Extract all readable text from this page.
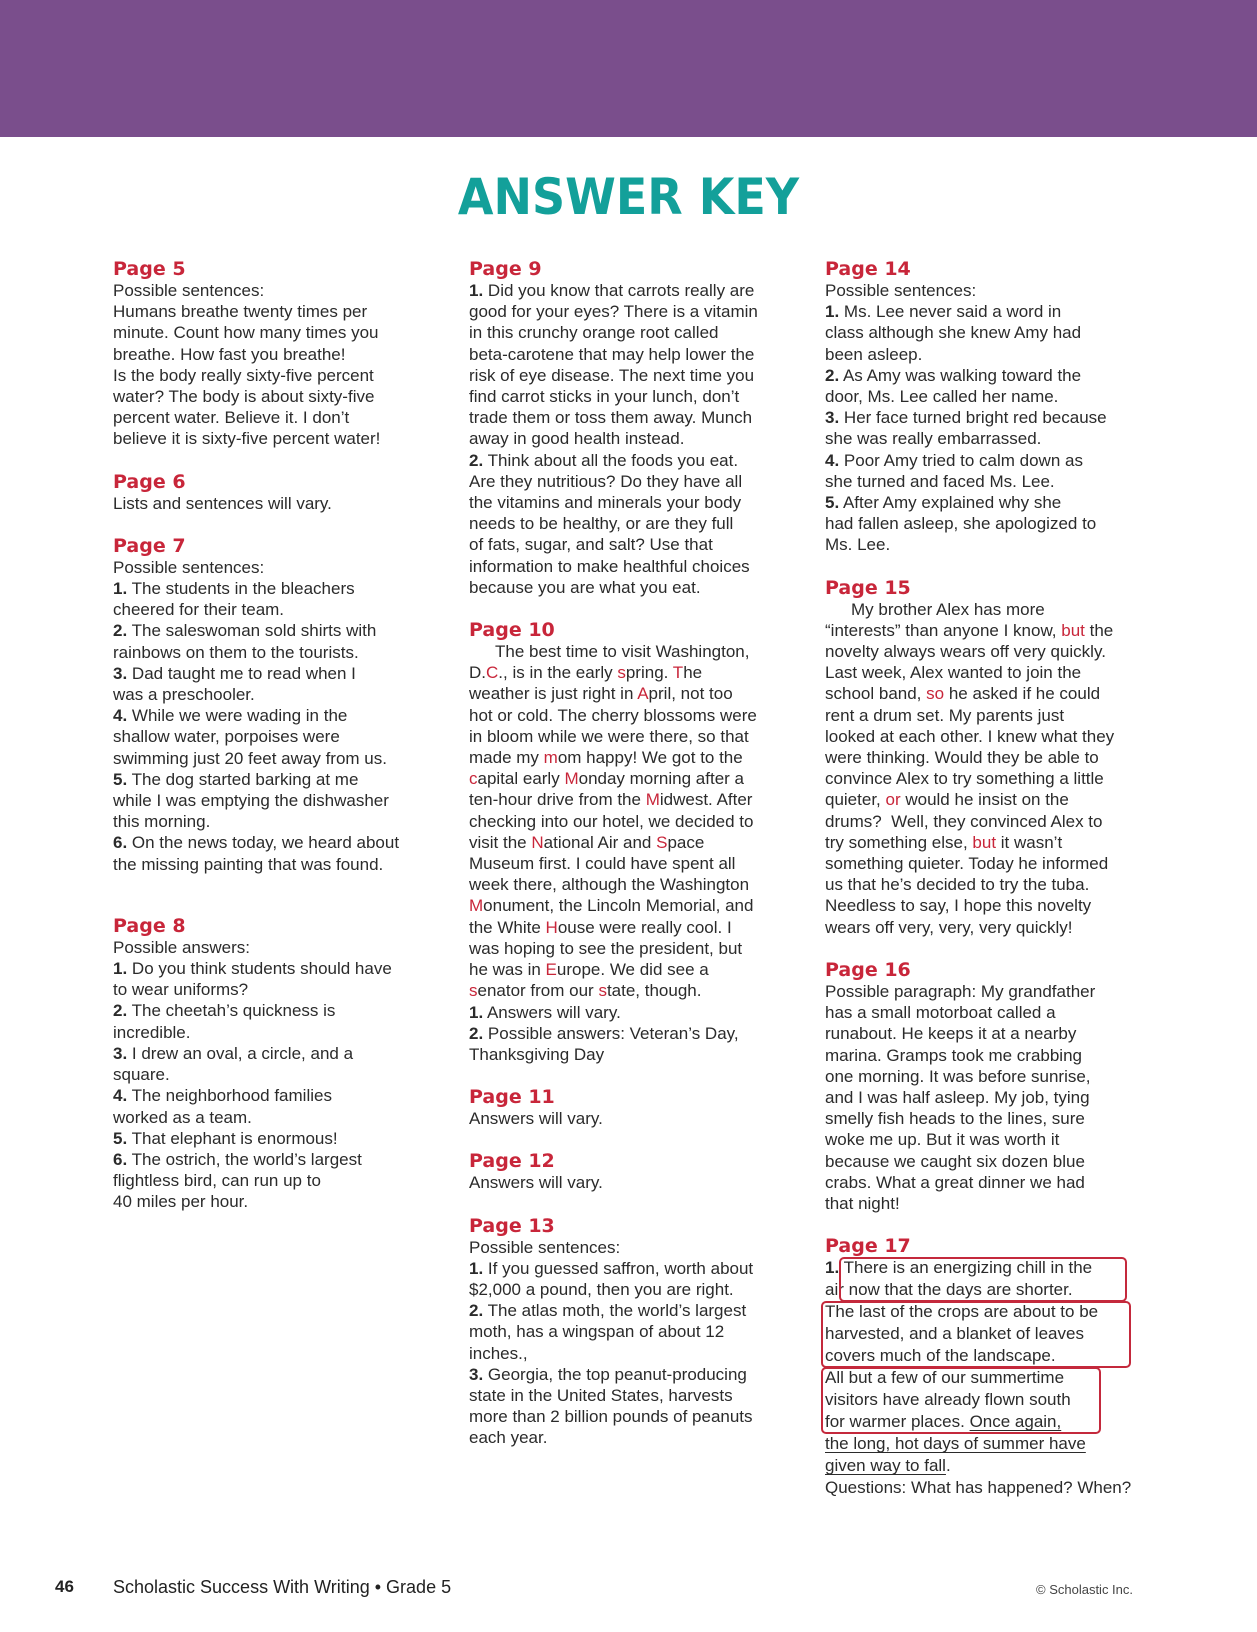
ANSWER KEY
Page 5
Possible sentences:
Humans breathe twenty times per
minute. Count how many times you
breathe. How fast you breathe!
Is the body really sixty-five percent
water? The body is about sixty-five
percent water. Believe it. I don’t
believe it is sixty-five percent water!
Page 6
Lists and sentences will vary.
Page 7
Possible sentences:
1. The students in the bleachers
cheered for their team.
2. The saleswoman sold shirts with
rainbows on them to the tourists.
3. Dad taught me to read when I
was a preschooler.
4. While we were wading in the
shallow water, porpoises were
swimming just 20 feet away from us.
5. The dog started barking at me
while I was emptying the dishwasher
this morning.
6. On the news today, we heard about
the missing painting that was found.
Page 8
Possible answers:
1. Do you think students should have
to wear uniforms?
2. The cheetah’s quickness is
incredible.
3. I drew an oval, a circle, and a
square.
4. The neighborhood families
worked as a team.
5. That elephant is enormous!
6. The ostrich, the world’s largest
flightless bird, can run up to
40 miles per hour.
Page 9
1. Did you know that carrots really are
good for your eyes? There is a vitamin
in this crunchy orange root called
beta-carotene that may help lower the
risk of eye disease. The next time you
find carrot sticks in your lunch, don’t
trade them or toss them away. Munch
away in good health instead.
2. Think about all the foods you eat.
Are they nutritious? Do they have all
the vitamins and minerals your body
needs to be healthy, or are they full
of fats, sugar, and salt? Use that
information to make healthful choices
because you are what you eat.
Page 10
The best time to visit Washington,
D.C., is in the early spring. The
weather is just right in April, not too
hot or cold. The cherry blossoms were
in bloom while we were there, so that
made my mom happy! We got to the
capital early Monday morning after a
ten-hour drive from the Midwest. After
checking into our hotel, we decided to
visit the National Air and Space
Museum first. I could have spent all
week there, although the Washington
Monument, the Lincoln Memorial, and
the White House were really cool. I
was hoping to see the president, but
he was in Europe. We did see a
senator from our state, though.
1. Answers will vary.
2. Possible answers: Veteran’s Day,
Thanksgiving Day
Page 11
Answers will vary.
Page 12
Answers will vary.
Page 13
Possible sentences:
1. If you guessed saffron, worth about
$2,000 a pound, then you are right.
2. The atlas moth, the world’s largest
moth, has a wingspan of about 12
inches.,
3. Georgia, the top peanut-producing
state in the United States, harvests
more than 2 billion pounds of peanuts
each year.
Page 14
Possible sentences:
1. Ms. Lee never said a word in
class although she knew Amy had
been asleep.
2. As Amy was walking toward the
door, Ms. Lee called her name.
3. Her face turned bright red because
she was really embarrassed.
4. Poor Amy tried to calm down as
she turned and faced Ms. Lee.
5. After Amy explained why she
had fallen asleep, she apologized to
Ms. Lee.
Page 15
My brother Alex has more
“interests” than anyone I know, but the
novelty always wears off very quickly.
Last week, Alex wanted to join the
school band, so he asked if he could
rent a drum set. My parents just
looked at each other. I knew what they
were thinking. Would they be able to
convince Alex to try something a little
quieter, or would he insist on the
drums?  Well, they convinced Alex to
try something else, but it wasn’t
something quieter. Today he informed
us that he’s decided to try the tuba.
Needless to say, I hope this novelty
wears off very, very, very quickly!
Page 16
Possible paragraph: My grandfather
has a small motorboat called a
runabout. He keeps it at a nearby
marina. Gramps took me crabbing
one morning. It was before sunrise,
and I was half asleep. My job, tying
smelly fish heads to the lines, sure
woke me up. But it was worth it
because we caught six dozen blue
crabs. What a great dinner we had
that night!
Page 17
1. There is an energizing chill in the
air now that the days are shorter.
The last of the crops are about to be
harvested, and a blanket of leaves
covers much of the landscape.
All but a few of our summertime
visitors have already flown south
for warmer places. Once again,
the long, hot days of summer have
given way to fall.
Questions: What has happened? When?
46 Scholastic Success With Writing • Grade 5	© Scholastic Inc.
